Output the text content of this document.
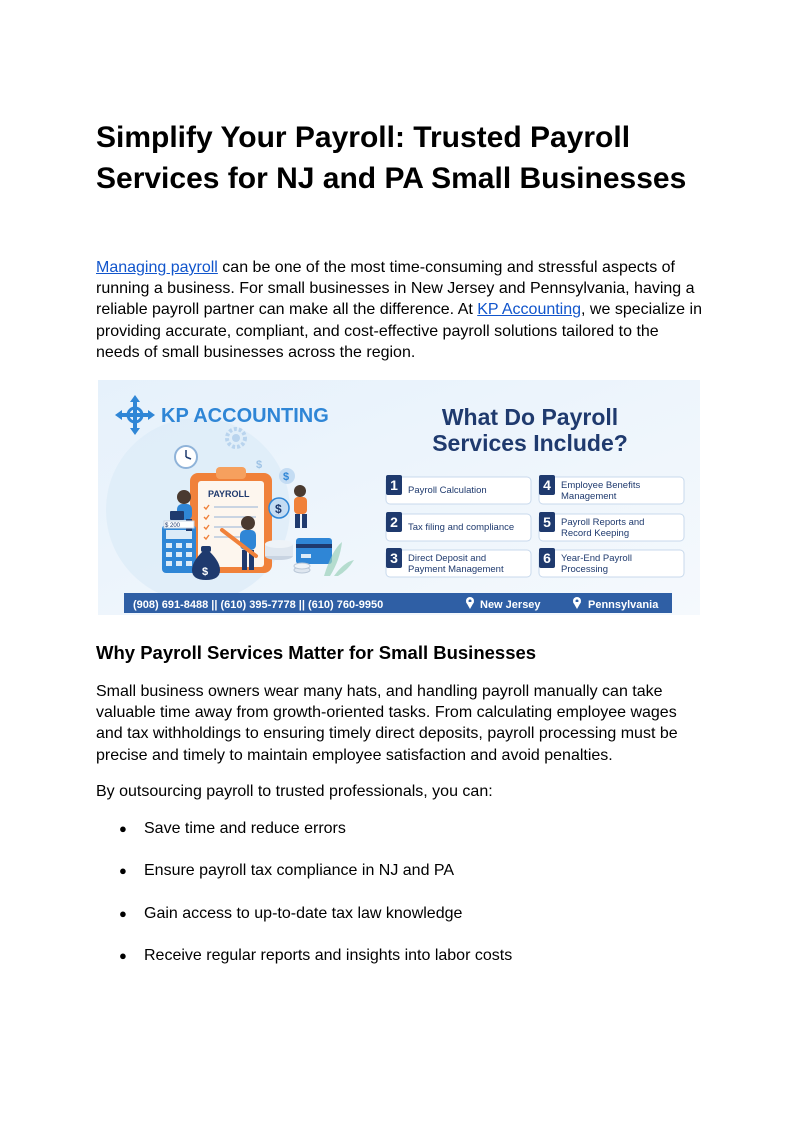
Simplify Your Payroll: Trusted Payroll Services for NJ and PA Small Businesses

Managing payroll can be one of the most time-consuming and stressful aspects of running a business. For small businesses in New Jersey and Pennsylvania, having a reliable payroll partner can make all the difference. At KP Accounting, we specialize in providing accurate, compliant, and cost-effective payroll solutions tailored to the needs of small businesses across the region.

KP ACCOUNTING
$
$
PAYROLL
$
$ 200
$
What Do Payroll
Services Include?
1 Payroll Calculation
2 Tax filing and compliance
3 Direct Deposit and
Payment Management
4 Employee Benefits
Management
5 Payroll Reports and
Record Keeping
6 Year-End Payroll
Processing
(908) 691-8488 || (610) 395-7778 || (610) 760-9950	New Jersey	Pennsylvania
Why Payroll Services Matter for Small Businesses

Small business owners wear many hats, and handling payroll manually can take valuable time away from growth-oriented tasks. From calculating employee wages and tax withholdings to ensuring timely direct deposits, payroll processing must be precise and timely to maintain employee satisfaction and avoid penalties.

By outsourcing payroll to trusted professionals, you can:

● Save time and reduce errors
● Ensure payroll tax compliance in NJ and PA
● Gain access to up-to-date tax law knowledge
● Receive regular reports and insights into labor costs
